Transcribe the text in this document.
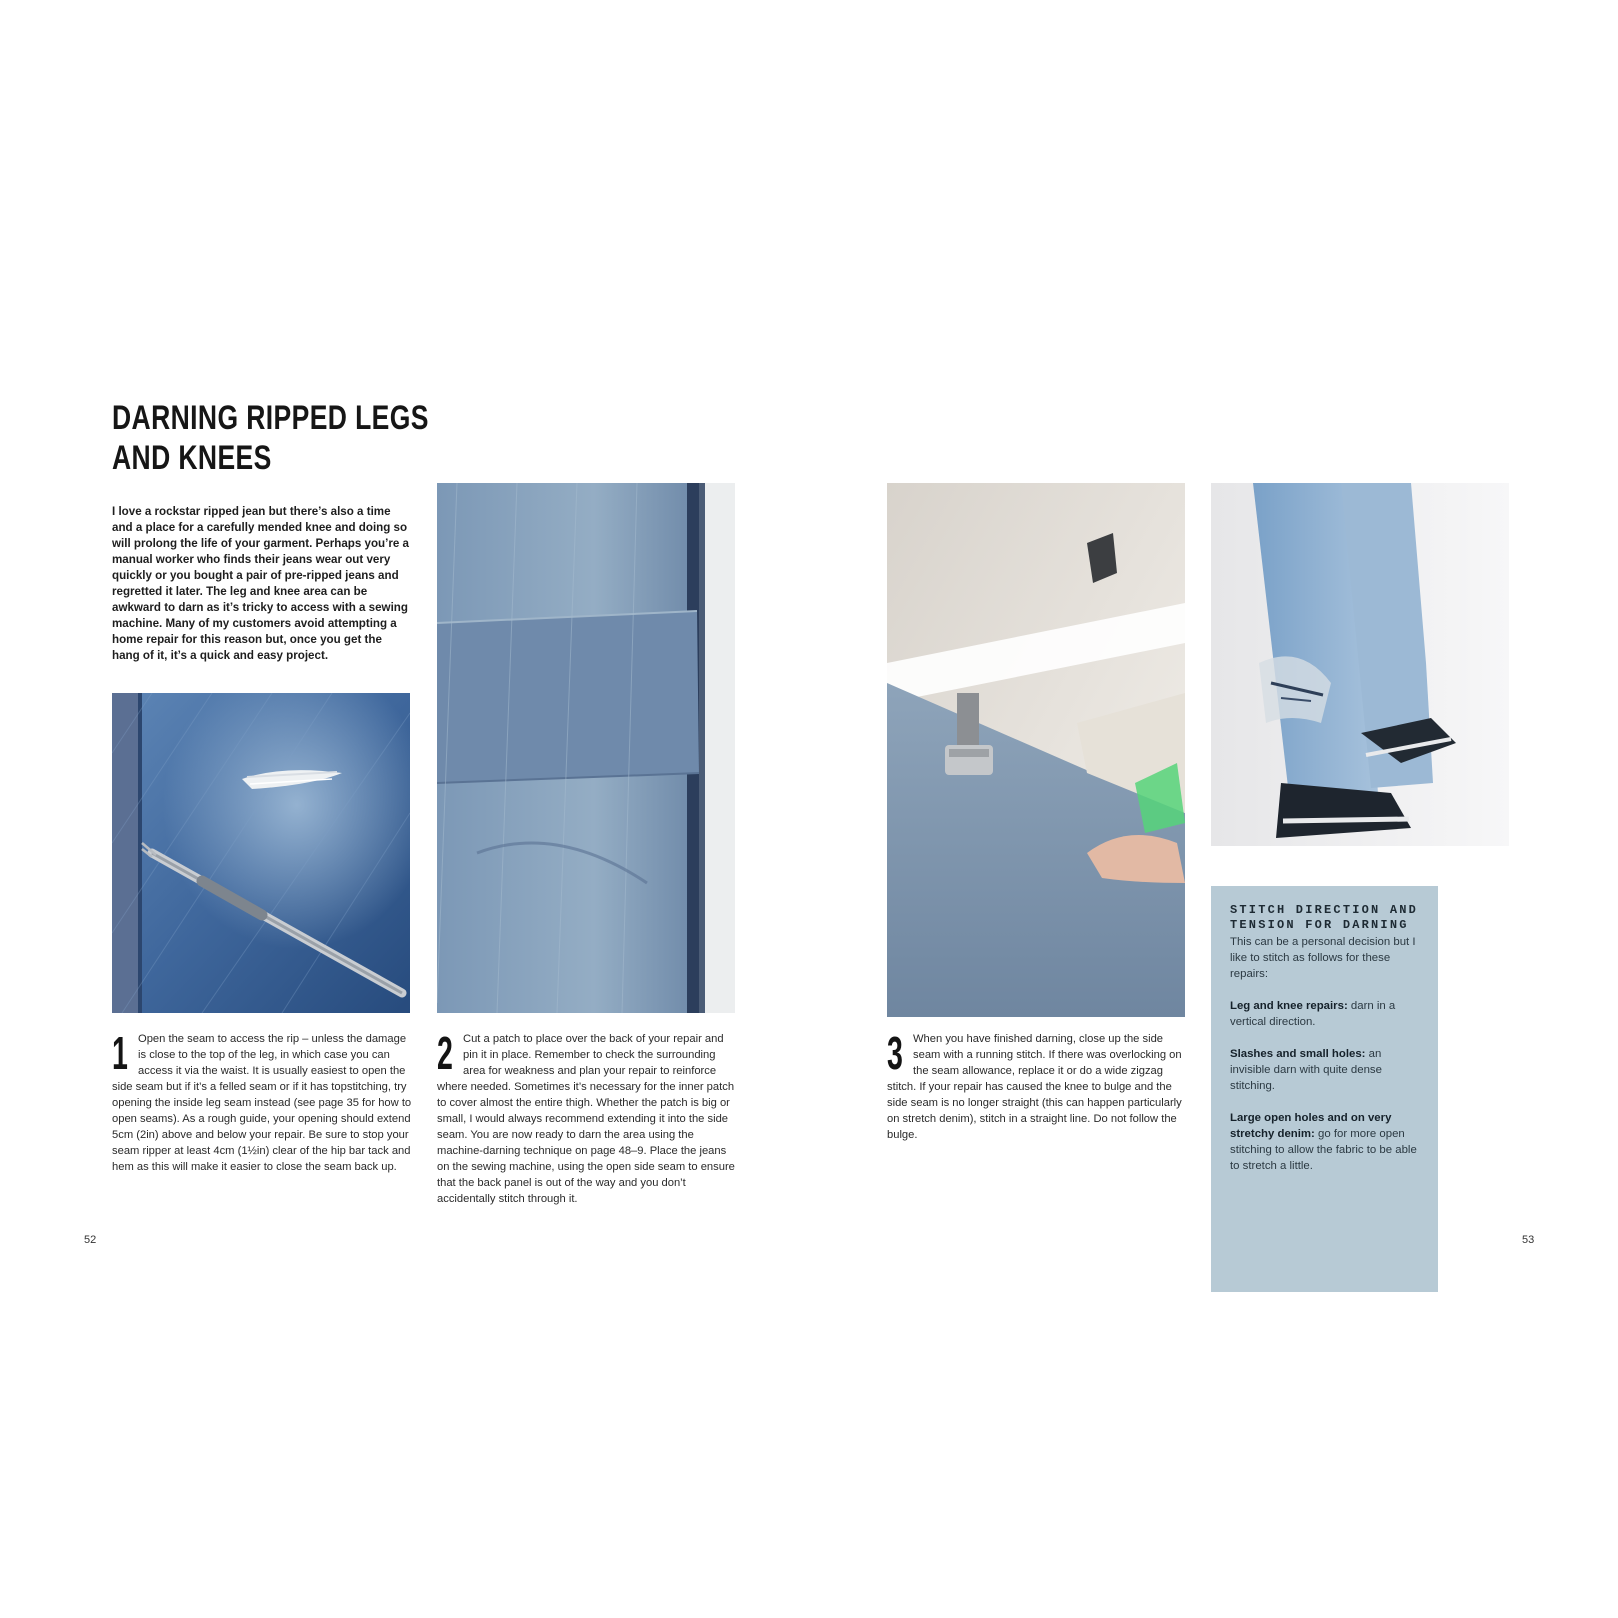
DARNING RIPPED LEGS
AND KNEES

I love a rockstar ripped jean but there’s also a time and a place for a carefully mended knee and doing so will prolong the life of your garment. Perhaps you’re a manual worker who finds their jeans wear out very quickly or you bought a pair of pre-ripped jeans and regretted it later. The leg and knee area can be awkward to darn as it’s tricky to access with a sewing machine. Many of my customers avoid attempting a home repair for this reason but, once you get the hang of it, it’s a quick and easy project.

1 Open the seam to access the rip – unless the damage is close to the top of the leg, in which case you can access it via the waist. It is usually easiest to open the side seam but if it’s a felled seam or if it has topstitching, try opening the inside leg seam instead (see page 35 for how to open seams). As a rough guide, your opening should extend 5cm (2in) above and below your repair. Be sure to stop your seam ripper at least 4cm (1½in) clear of the hip bar tack and hem as this will make it easier to close the seam back up.

2 Cut a patch to place over the back of your repair and pin it in place. Remember to check the surrounding area for weakness and plan your repair to reinforce where needed. Sometimes it’s necessary for the inner patch to cover almost the entire thigh. Whether the patch is big or small, I would always recommend extending it into the side seam. You are now ready to darn the area using the machine-darning technique on page 48–9. Place the jeans on the sewing machine, using the open side seam to ensure that the back panel is out of the way and you don’t accidentally stitch through it.

3 When you have finished darning, close up the side seam with a running stitch. If there was overlocking on the seam allowance, replace it or do a wide zigzag stitch. If your repair has caused the knee to bulge and the side seam is no longer straight (this can happen particularly on stretch denim), stitch in a straight line. Do not follow the bulge.

STITCH DIRECTION AND
TENSION FOR DARNING

This can be a personal decision but I like to stitch as follows for these repairs:

Leg and knee repairs: darn in a vertical direction.

Slashes and small holes: an invisible darn with quite dense stitching.

Large open holes and on very stretchy denim: go for more open stitching to allow the fabric to be able to stretch a little.

52	53
